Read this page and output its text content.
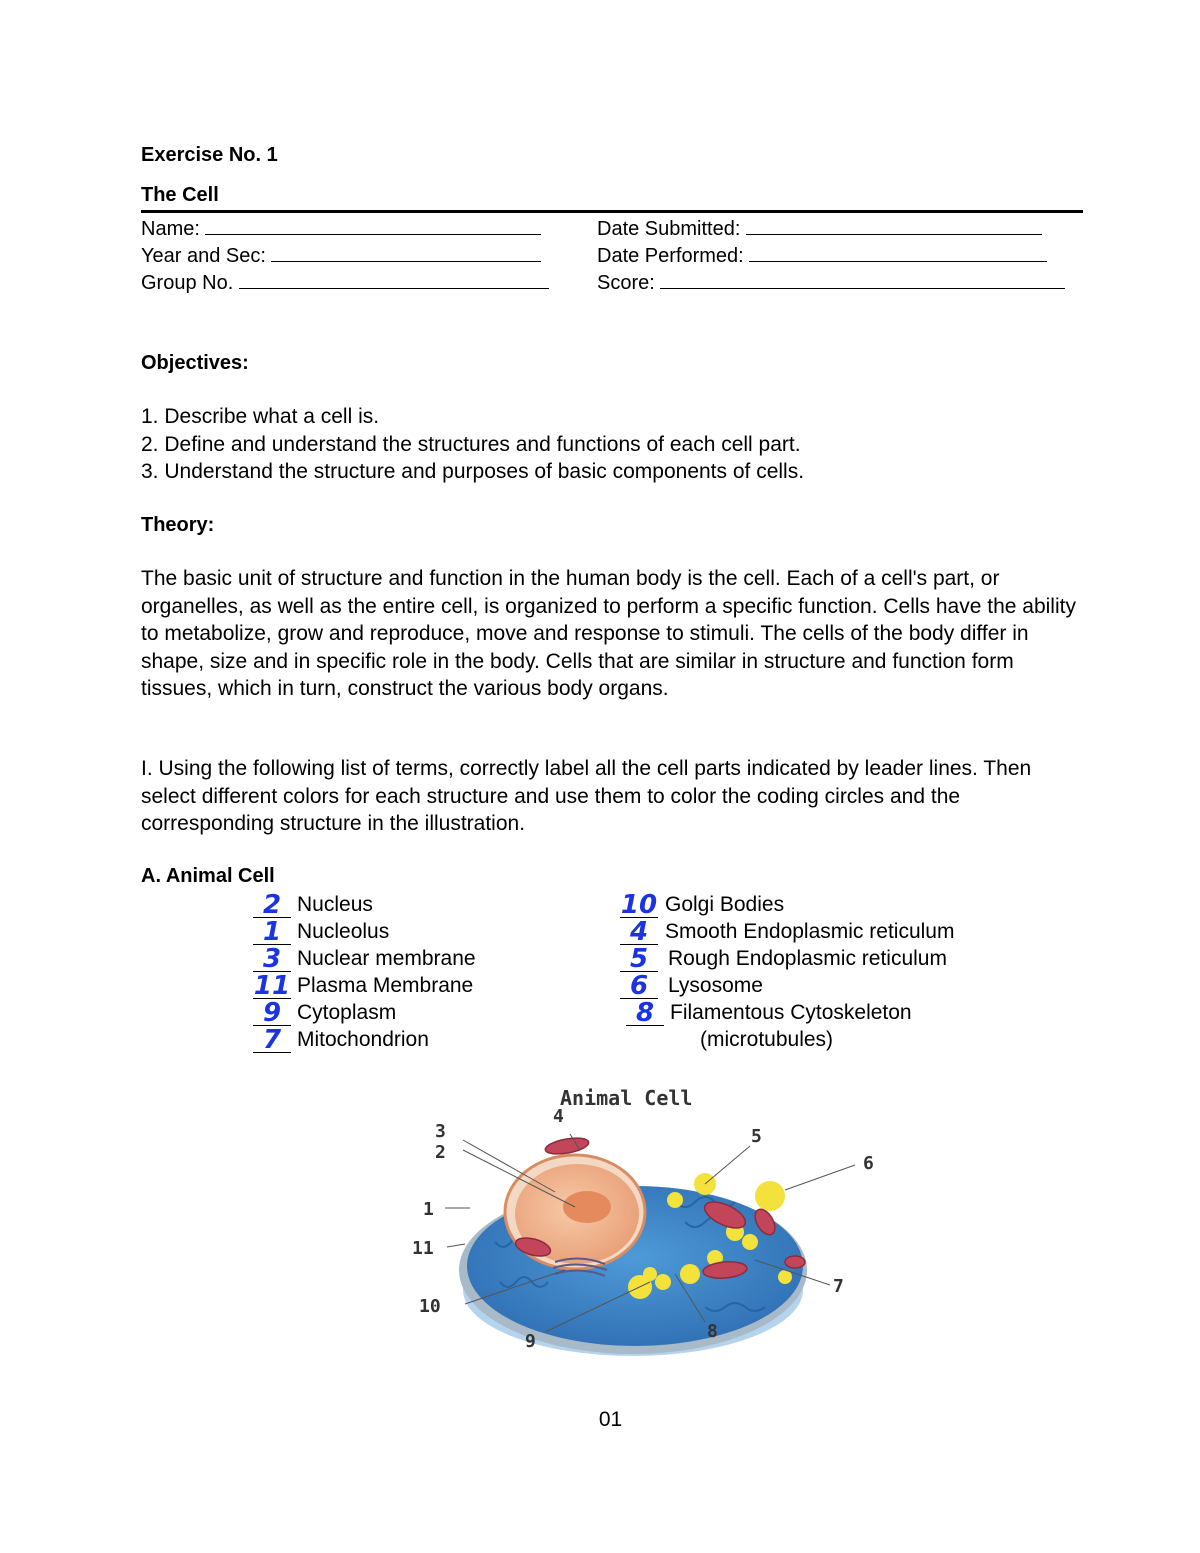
Exercise No. 1
The Cell
Name:
Year and Sec:
Group No.
Date Submitted:
Date Performed:
Score:
Objectives:
1. Describe what a cell is.
2. Define and understand the structures and functions of each cell part.
3. Understand the structure and purposes of basic components of cells.
Theory:
The basic unit of structure and function in the human body is the cell. Each of a cell's part, or organelles, as well as the entire cell, is organized to perform a specific function. Cells have the ability to metabolize, grow and reproduce, move and response to stimuli. The cells of the body differ in shape, size and in specific role in the body. Cells that are similar in structure and function form tissues, which in turn, construct the various body organs.
I. Using the following list of terms, correctly label all the cell parts indicated by leader lines. Then select different colors for each structure and use them to color the coding circles and the corresponding structure in the illustration.
A. Animal Cell
2 Nucleus
1 Nucleolus
3 Nuclear membrane
11 Plasma Membrane
9 Cytoplasm
7 Mitochondrion
10 Golgi Bodies
4 Smooth Endoplasmic reticulum
5 Rough Endoplasmic reticulum
6 Lysosome
8 Filamentous Cytoskeleton
(microtubules)
Animal Cell
1
2
3
4
5
6
7
8
9
10
11
01
